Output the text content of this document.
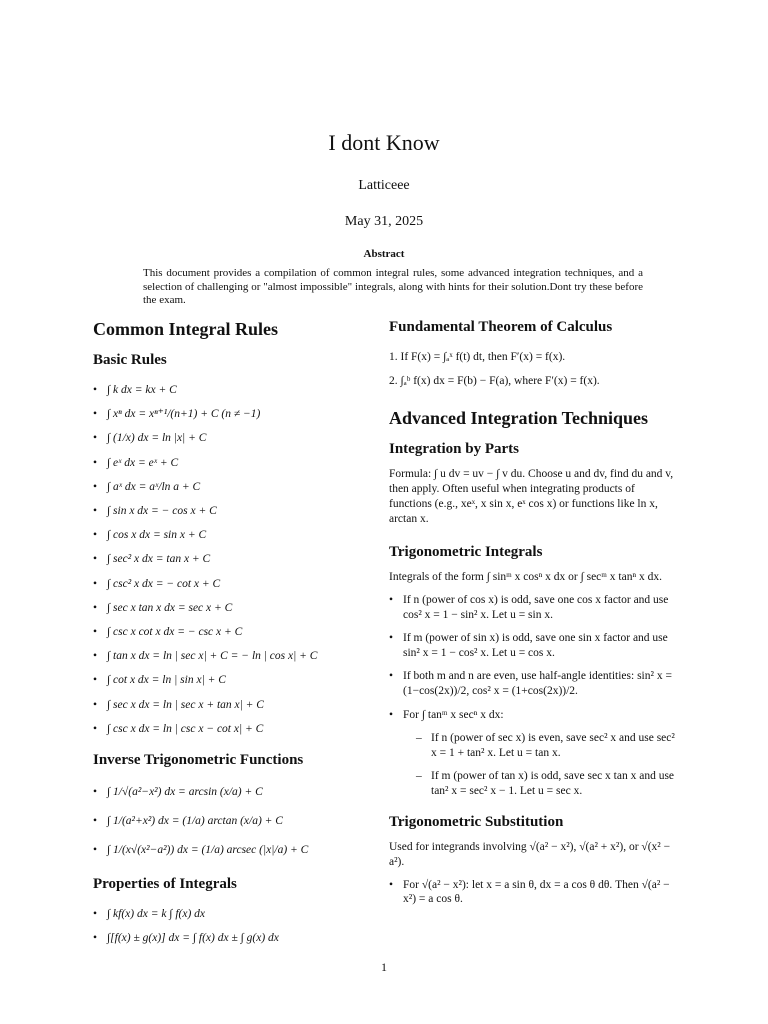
I dont Know
Latticeee
May 31, 2025
Abstract
This document provides a compilation of common integral rules, some advanced integration techniques, and a selection of challenging or "almost impossible" integrals, along with hints for their solution.Dont try these before the exam.
Common Integral Rules
Basic Rules
• ∫ k dx = kx + C
• ∫ xⁿ dx = xⁿ⁺¹/(n+1) + C (n ≠ −1)
• ∫ (1/x) dx = ln |x| + C
• ∫ eˣ dx = eˣ + C
• ∫ aˣ dx = aˣ/ln a + C
• ∫ sin x dx = − cos x + C
• ∫ cos x dx = sin x + C
• ∫ sec² x dx = tan x + C
• ∫ csc² x dx = − cot x + C
• ∫ sec x tan x dx = sec x + C
• ∫ csc x cot x dx = − csc x + C
• ∫ tan x dx = ln | sec x| + C = − ln | cos x| + C
• ∫ cot x dx = ln | sin x| + C
• ∫ sec x dx = ln | sec x + tan x| + C
• ∫ csc x dx = ln | csc x − cot x| + C
Inverse Trigonometric Functions
• ∫ 1/√(a²−x²) dx = arcsin (x/a) + C
• ∫ 1/(a²+x²) dx = (1/a) arctan (x/a) + C
• ∫ 1/(x√(x²−a²)) dx = (1/a) arcsec (|x|/a) + C
Properties of Integrals
• ∫ kf(x) dx = k ∫ f(x) dx
• ∫[f(x) ± g(x)] dx = ∫ f(x) dx ± ∫ g(x) dx
Fundamental Theorem of Calculus
1. If F(x) = ∫ₐˣ f(t) dt, then F′(x) = f(x).
2. ∫ₐᵇ f(x) dx = F(b) − F(a), where F′(x) = f(x).
Advanced Integration Techniques
Integration by Parts

Formula: ∫ u dv = uv − ∫ v du. Choose u and dv, find du and v, then apply. Often useful when integrating products of functions (e.g., xeˣ, x sin x, eˣ cos x) or functions like ln x, arctan x.

Trigonometric Integrals

Integrals of the form ∫ sinᵐ x cosⁿ x dx or ∫ secᵐ x tanⁿ x dx.

• If n (power of cos x) is odd, save one cos x factor and use cos² x = 1 − sin² x. Let u = sin x.
• If m (power of sin x) is odd, save one sin x factor and use sin² x = 1 − cos² x. Let u = cos x.
• If both m and n are even, use half-angle identities: sin² x = (1−cos(2x))/2, cos² x = (1+cos(2x))/2.
• For ∫ tanᵐ x secⁿ x dx:
– If n (power of sec x) is even, save sec² x and use sec² x = 1 + tan² x. Let u = tan x.
– If m (power of tan x) is odd, save sec x tan x and use tan² x = sec² x − 1. Let u = sec x.
Trigonometric Substitution

Used for integrands involving √(a² − x²), √(a² + x²), or √(x² − a²).

• For √(a² − x²): let x = a sin θ, dx = a cos θ dθ. Then √(a² − x²) = a cos θ.
1
